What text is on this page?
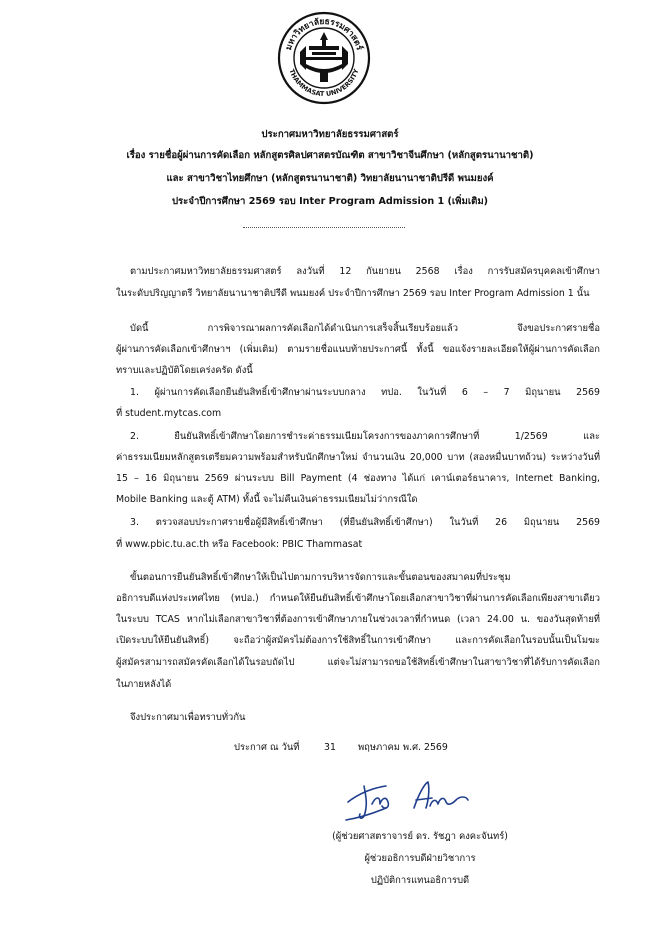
มหาวิทยาลัยธรรมศาสตร์
THAMMASAT UNIVERSITY
ประกาศมหาวิทยาลัยธรรมศาสตร์
เรื่อง รายชื่อผู้ผ่านการคัดเลือก หลักสูตรศิลปศาสตรบัณฑิต สาขาวิชาจีนศึกษา (หลักสูตรนานาชาติ)
และ สาขาวิชาไทยศึกษา (หลักสูตรนานาชาติ) วิทยาลัยนานาชาติปรีดี พนมยงค์
ประจำปีการศึกษา 2569 รอบ Inter Program Admission 1 (เพิ่มเติม)
ตามประกาศมหาวิทยาลัยธรรมศาสตร์ ลงวันที่ 12 กันยายน 2568 เรื่อง การรับสมัครบุคคลเข้าศึกษา
ในระดับปริญญาตรี วิทยาลัยนานาชาติปรีดี พนมยงค์ ประจำปีการศึกษา 2569 รอบ Inter Program Admission 1 นั้น
บัดนี้ การพิจารณาผลการคัดเลือกได้ดำเนินการเสร็จสิ้นเรียบร้อยแล้ว จึงขอประกาศรายชื่อ
ผู้ผ่านการคัดเลือกเข้าศึกษาฯ (เพิ่มเติม) ตามรายชื่อแนบท้ายประกาศนี้ ทั้งนี้ ขอแจ้งรายละเอียดให้ผู้ผ่านการคัดเลือก
ทราบและปฏิบัติโดยเคร่งครัด ดังนี้
1. ผู้ผ่านการคัดเลือกยืนยันสิทธิ์เข้าศึกษาผ่านระบบกลาง ทปอ. ในวันที่ 6 – 7 มิถุนายน 2569
ที่ student.mytcas.com
2. ยืนยันสิทธิ์เข้าศึกษาโดยการชำระค่าธรรมเนียมโครงการของภาคการศึกษาที่ 1/2569 และ
ค่าธรรมเนียมหลักสูตรเตรียมความพร้อมสำหรับนักศึกษาใหม่ จำนวนเงิน 20,000 บาท (สองหมื่นบาทถ้วน) ระหว่างวันที่
15 – 16 มิถุนายน 2569 ผ่านระบบ Bill Payment (4 ช่องทาง ได้แก่ เคาน์เตอร์ธนาคาร, Internet Banking,
Mobile Banking และตู้ ATM) ทั้งนี้ จะไม่คืนเงินค่าธรรมเนียมไม่ว่ากรณีใด
3. ตรวจสอบประกาศรายชื่อผู้มีสิทธิ์เข้าศึกษา (ที่ยืนยันสิทธิ์เข้าศึกษา) ในวันที่ 26 มิถุนายน 2569
ที่ www.pbic.tu.ac.th หรือ Facebook: PBIC Thammasat
ขั้นตอนการยืนยันสิทธิ์เข้าศึกษาให้เป็นไปตามการบริหารจัดการและขั้นตอนของสมาคมที่ประชุม
อธิการบดีแห่งประเทศไทย (ทปอ.) กำหนดให้ยืนยันสิทธิ์เข้าศึกษาโดยเลือกสาขาวิชาที่ผ่านการคัดเลือกเพียงสาขาเดียว
ในระบบ TCAS หากไม่เลือกสาขาวิชาที่ต้องการเข้าศึกษาภายในช่วงเวลาที่กำหนด (เวลา 24.00 น. ของวันสุดท้ายที่
เปิดระบบให้ยืนยันสิทธิ์) จะถือว่าผู้สมัครไม่ต้องการใช้สิทธิ์ในการเข้าศึกษา และการคัดเลือกในรอบนั้นเป็นโมฆะ
ผู้สมัครสามารถสมัครคัดเลือกได้ในรอบถัดไป แต่จะไม่สามารถขอใช้สิทธิ์เข้าศึกษาในสาขาวิชาที่ได้รับการคัดเลือก
ในภายหลังได้
จึงประกาศมาเพื่อทราบทั่วกัน
ประกาศ ณ วันที่	31 พฤษภาคม พ.ศ. 2569
(ผู้ช่วยศาสตราจารย์ ดร. รัชฎา คงคะจันทร์)
ผู้ช่วยอธิการบดีฝ่ายวิชาการ
ปฏิบัติการแทนอธิการบดี
